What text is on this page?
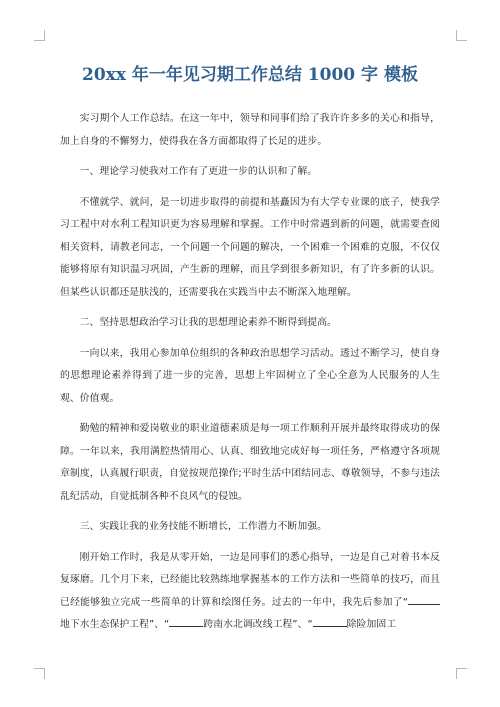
20xx 年一年见习期工作总结 1000 字 模板

实习期个人工作总结。在这一年中，领导和同事们给了我许许多多的关心和指导，加上自身的不懈努力，使得我在各方面都取得了长足的进步。

一、理论学习使我对工作有了更进一步的认识和了解。

不懂就学、就问，是一切进步取得的前提和基矗因为有大学专业课的底子，使我学习工程中对水利工程知识更为容易理解和掌握。工作中时常遇到新的问题，就需要查阅相关资料，请教老同志，一个问题一个问题的解决，一个困难一个困难的克服，不仅仅能够将原有知识温习巩固，产生新的理解，而且学到很多新知识，有了许多新的认识。但某些认识都还是肤浅的，还需要我在实践当中去不断深入地理解。

二、坚持思想政治学习让我的思想理论素养不断得到提高。

一向以来，我用心参加单位组织的各种政治思想学习活动。透过不断学习，使自身的思想理论素养得到了进一步的完善，思想上牢固树立了全心全意为人民服务的人生观、价值观。

勤勉的精神和爱岗敬业的职业道德素质是每一项工作顺利开展并最终取得成功的保障。一年以来，我用满腔热情用心、认真、细致地完成好每一项任务，严格遵守各项规章制度，认真履行职责，自觉按规范操作;平时生活中团结同志、尊敬领导，不参与违法乱纪活动，自觉抵制各种不良风气的侵蚀。

三、实践让我的业务技能不断增长，工作潜力不断加强。

刚开始工作时，我是从零开始，一边是同事们的悉心指导，一边是自己对着书本反复琢磨。几个月下来，已经能比较熟练地掌握基本的工作方法和一些简单的技巧，而且已经能够独立完成一些简单的计算和绘图任务。过去的一年中，我先后参加了“地下水生态保护工程”、“	跨南水北调改线工程”、“	除险加固工
